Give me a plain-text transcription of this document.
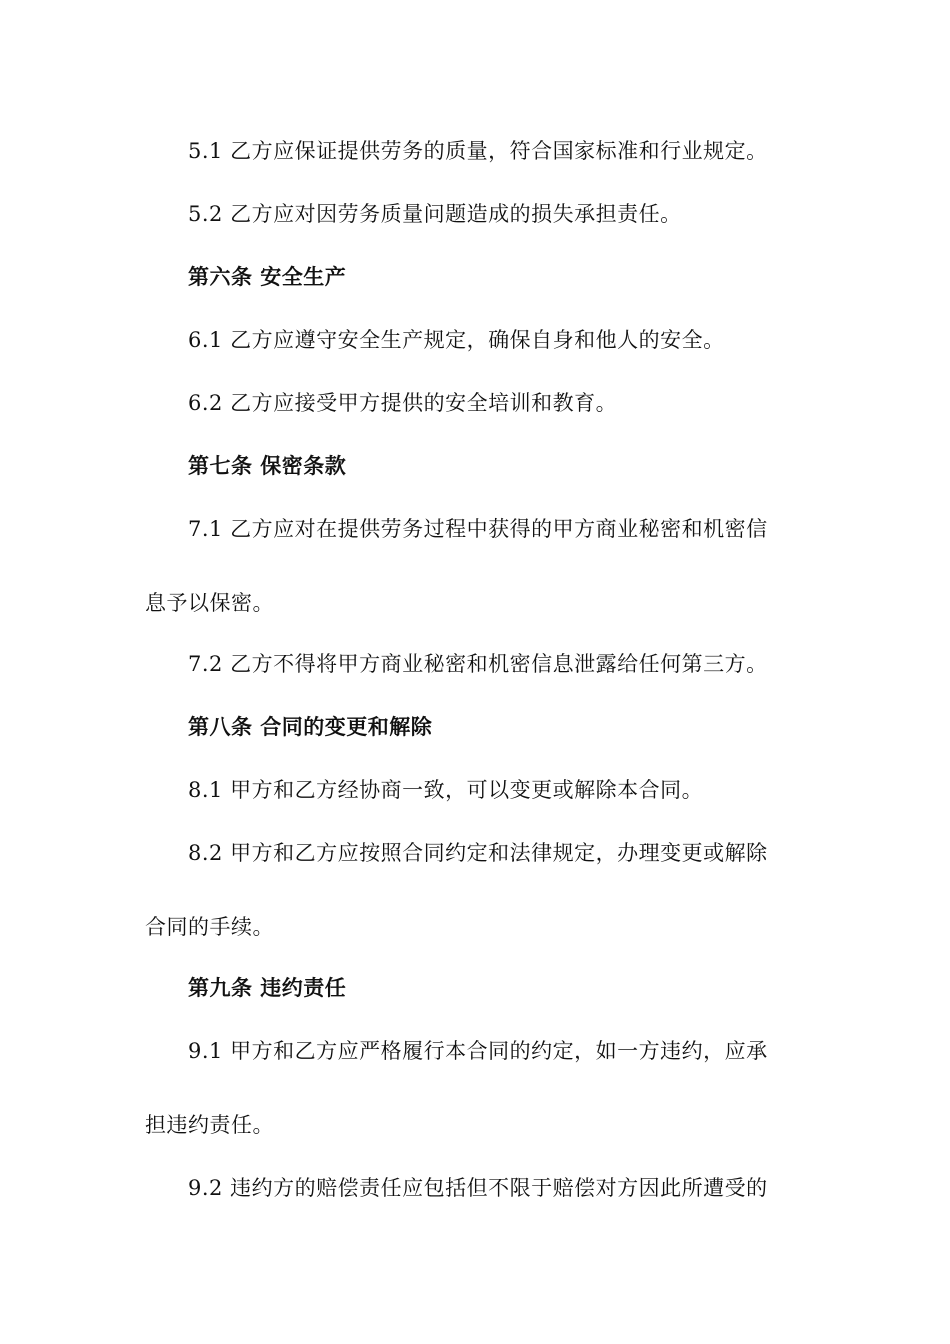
5.1 乙方应保证提供劳务的质量，符合国家标准和行业规定。
5.2 乙方应对因劳务质量问题造成的损失承担责任。
第六条 安全生产
6.1 乙方应遵守安全生产规定，确保自身和他人的安全。
6.2 乙方应接受甲方提供的安全培训和教育。
第七条 保密条款
7.1 乙方应对在提供劳务过程中获得的甲方商业秘密和机密信
息予以保密。
7.2 乙方不得将甲方商业秘密和机密信息泄露给任何第三方。
第八条 合同的变更和解除
8.1 甲方和乙方经协商一致，可以变更或解除本合同。
8.2 甲方和乙方应按照合同约定和法律规定，办理变更或解除
合同的手续。
第九条 违约责任
9.1 甲方和乙方应严格履行本合同的约定，如一方违约，应承
担违约责任。
9.2 违约方的赔偿责任应包括但不限于赔偿对方因此所遭受的
